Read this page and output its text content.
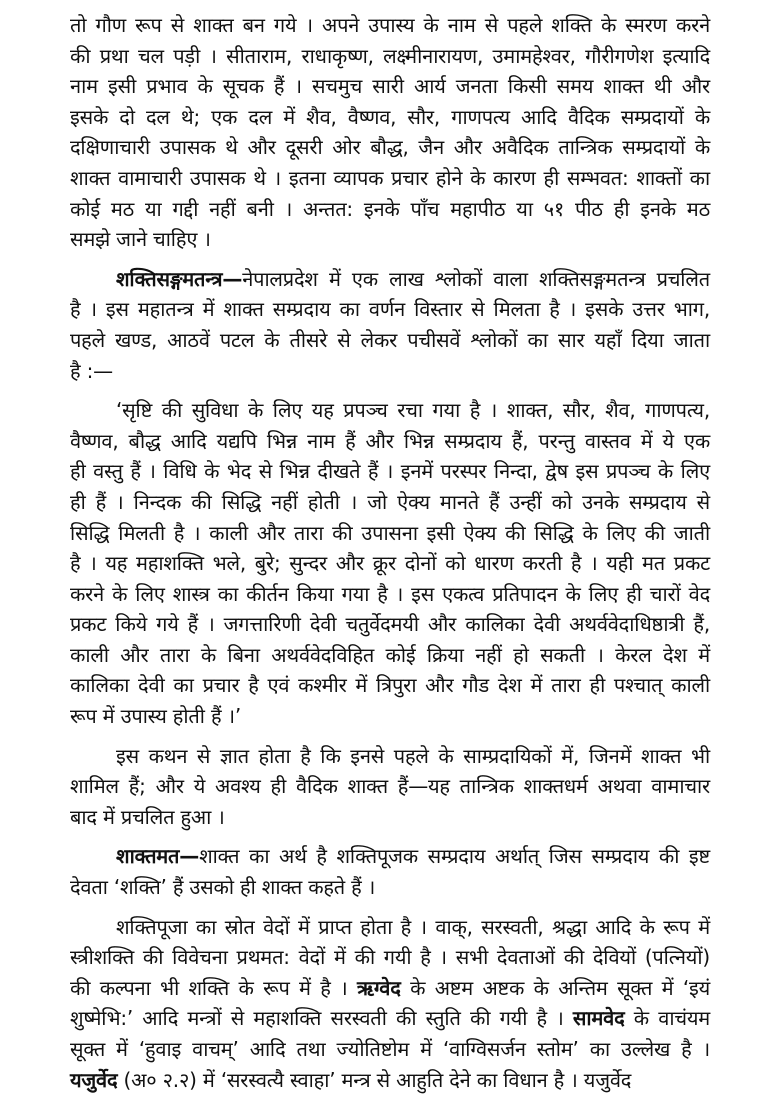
तो गौण रूप से शाक्त बन गये । अपने उपास्य के नाम से पहले शक्ति के स्मरण करने
की प्रथा चल पड़ी । सीताराम, राधाकृष्ण, लक्ष्मीनारायण, उमामहेश्वर, गौरीगणेश इत्यादि
नाम इसी प्रभाव के सूचक हैं । सचमुच सारी आर्य जनता किसी समय शाक्त थी और
इसके दो दल थे; एक दल में शैव, वैष्णव, सौर, गाणपत्य आदि वैदिक सम्प्रदायों के
दक्षिणाचारी उपासक थे और दूसरी ओर बौद्ध, जैन और अवैदिक तान्त्रिक सम्प्रदायों के
शाक्त वामाचारी उपासक थे । इतना व्यापक प्रचार होने के कारण ही सम्भवत: शाक्तों का
कोई मठ या गद्दी नहीं बनी । अन्तत: इनके पाँच महापीठ या ५१ पीठ ही इनके मठ
समझे जाने चाहिए ।
शक्तिसङ्गमतन्त्र—नेपालप्रदेश में एक लाख श्लोकों वाला शक्तिसङ्गमतन्त्र प्रचलित
है । इस महातन्त्र में शाक्त सम्प्रदाय का वर्णन विस्तार से मिलता है । इसके उत्तर भाग,
पहले खण्ड, आठवें पटल के तीसरे से लेकर पचीसवें श्लोकों का सार यहाँ दिया जाता
है :—
‘सृष्टि की सुविधा के लिए यह प्रपञ्च रचा गया है । शाक्त, सौर, शैव, गाणपत्य,
वैष्णव, बौद्ध आदि यद्यपि भिन्न नाम हैं और भिन्न सम्प्रदाय हैं, परन्तु वास्तव में ये एक
ही वस्तु हैं । विधि के भेद से भिन्न दीखते हैं । इनमें परस्पर निन्दा, द्वेष इस प्रपञ्च के लिए
ही हैं । निन्दक की सिद्धि नहीं होती । जो ऐक्य मानते हैं उन्हीं को उनके सम्प्रदाय से
सिद्धि मिलती है । काली और तारा की उपासना इसी ऐक्य की सिद्धि के लिए की जाती
है । यह महाशक्ति भले, बुरे; सुन्दर और क्रूर दोनों को धारण करती है । यही मत प्रकट
करने के लिए शास्त्र का कीर्तन किया गया है । इस एकत्व प्रतिपादन के लिए ही चारों वेद
प्रकट किये गये हैं । जगत्तारिणी देवी चतुर्वेदमयी और कालिका देवी अथर्ववेदाधिष्ठात्री हैं,
काली और तारा के बिना अथर्ववेदविहित कोई क्रिया नहीं हो सकती । केरल देश में
कालिका देवी का प्रचार है एवं कश्मीर में त्रिपुरा और गौड देश में तारा ही पश्चात् काली
रूप में उपास्य होती हैं ।’
इस कथन से ज्ञात होता है कि इनसे पहले के साम्प्रदायिकों में, जिनमें शाक्त भी
शामिल हैं; और ये अवश्य ही वैदिक शाक्त हैं—यह तान्त्रिक शाक्तधर्म अथवा वामाचार
बाद में प्रचलित हुआ ।
शाक्तमत—शाक्त का अर्थ है शक्तिपूजक सम्प्रदाय अर्थात् जिस सम्प्रदाय की इष्ट
देवता ‘शक्ति’ हैं उसको ही शाक्त कहते हैं ।
शक्तिपूजा का स्रोत वेदों में प्राप्त होता है । वाक्, सरस्वती, श्रद्धा आदि के रूप में
स्त्रीशक्ति की विवेचना प्रथमत: वेदों में की गयी है । सभी देवताओं की देवियों (पत्नियों)
की कल्पना भी शक्ति के रूप में है । ऋग्वेद के अष्टम अष्टक के अन्तिम सूक्त में ‘इयं
शुष्मेभि:’ आदि मन्त्रों से महाशक्ति सरस्वती की स्तुति की गयी है । सामवेद के वाचंयम
सूक्त में ‘हुवाइ वाचम्’ आदि तथा ज्योतिष्टोम में ‘वाग्विसर्जन स्तोम’ का उल्लेख है ।
यजुर्वेद (अ० २.२) में ‘सरस्वत्यै स्वाहा’ मन्त्र से आहुति देने का विधान है । यजुर्वेद
